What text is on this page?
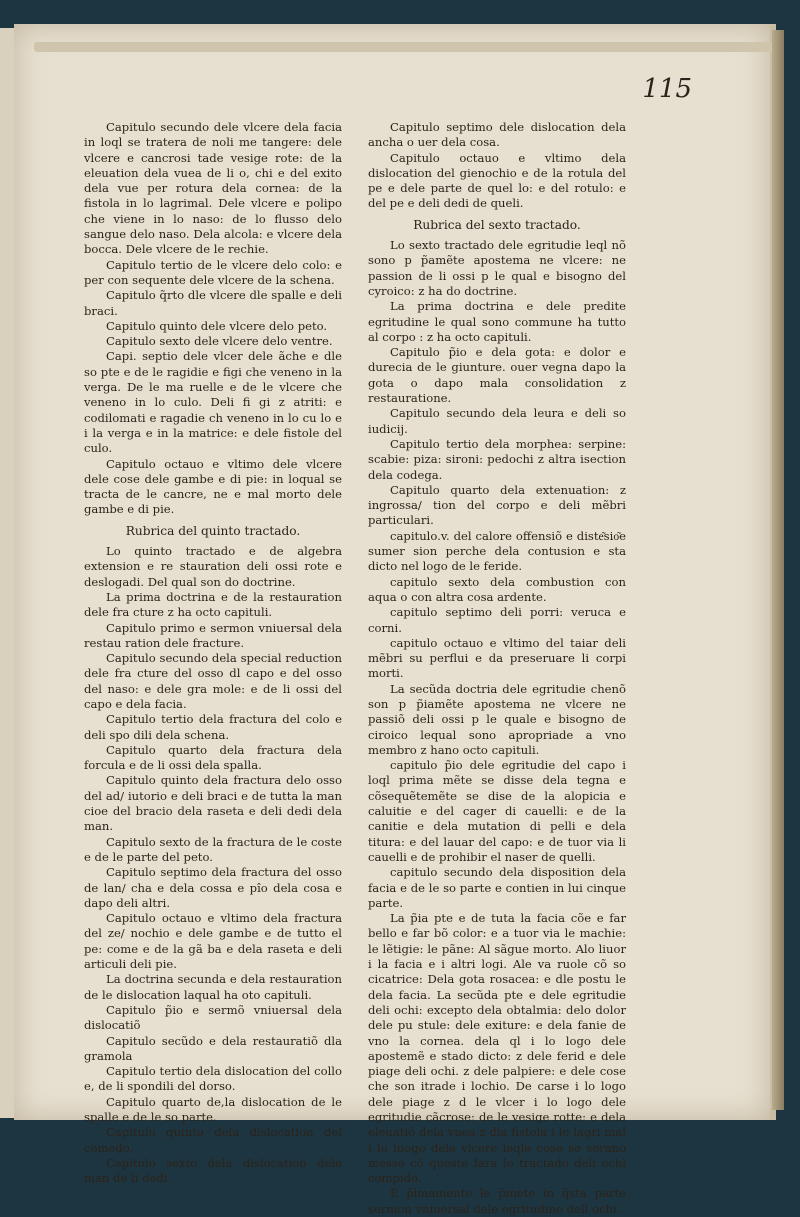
115

Capitulo secundo dele vlcere dela facia in loql se tratera de noli me tangere: dele vlcere e cancrosi tade vesige rote: de la eleuation dela vuea de li o, chi e del exito dela vue per rotura dela cornea: de la fistola in lo lagrimal. Dele vlcere e polipo che viene in lo naso: de lo flusso delo sangue delo naso. Dela alcola: e vlcere dela bocca. Dele vlcere de le rechie.

Capitulo tertio de le vlcere delo colo: e per con sequente dele vlcere de la schena.

Capitulo q̃rto dle vlcere dle spalle e deli braci.

Capitulo quinto dele vlcere delo peto.

Capitulo sexto dele vlcere delo ventre.

Capi. septio dele vlcer dele ãche e dle so pte e de le ragidie e figi che veneno in la verga. De le ma ruelle e de le vlcere che veneno in lo culo. Deli fi gi z atriti: e codilomati e ragadie ch veneno in lo cu lo e i la verga e in la matrice: e dele fistole del culo.

Capitulo octauo e vltimo dele vlcere dele cose dele gambe e di pie: in loqual se tracta de le cancre, ne e mal morto dele gambe e di pie.

Rubrica del quinto tractado.

Lo quinto tractado e de algebra extension e re stauration deli ossi rote e deslogadi. Del qual son do doctrine.

La prima doctrina e de la restauration dele fra cture z ha octo capituli.

Capitulo primo e sermon vniuersal dela restau ration dele fracture.

Capitulo secundo dela special reduction dele fra cture del osso dl capo e del osso del naso: e dele gra mole: e de li ossi del capo e dela facia.

Capitulo tertio dela fractura del colo e deli spo dili dela schena.

Capitulo quarto dela fractura dela forcula e de li ossi dela spalla.

Capitulo quinto dela fractura delo osso del ad/ iutorio e deli braci e de tutta la man cioe del bracio dela raseta e deli dedi dela man.

Capitulo sexto de la fractura de le coste e de le parte del peto.

Capitulo septimo dela fractura del osso de lan/ cha e dela cossa e pîo dela cosa e dapo deli altri.

Capitulo octauo e vltimo dela fractura del ze/ nochio e dele gambe e de tutto el pe: come e de la gã ba e dela raseta e deli articuli deli pie.

La doctrina secunda e dela restauration de le dislocation laqual ha oto capituli.

Capitulo p̃io e sermõ vniuersal dela dislocatiõ

Capitulo secũdo e dela restauratiõ dla gramola

Capitulo tertio dela dislocation del collo e, de li spondili del dorso.

Capitulo quarto de,la dislocation de le spalle e de le so parte.

Capitulo quinto dela dislocation del comedo.

Capitulo sexto dela dislocation dele man de li dedi.

Capitulo septimo dele dislocation dela ancha o uer dela cosa.

Capitulo octauo e vltimo dela dislocation del gienochio e de la rotula del pe e dele parte de quel lo: e del rotulo: e del pe e deli dedi de queli.

Rubrica del sexto tractado.

Lo sexto tractado dele egritudie leql nõ sono p p̃amẽte apostema ne vlcere: ne passion de li ossi p le qual e bisogno del cyroico: z ha do doctrine.

La prima doctrina e dele predite egritudine le qual sono commune ha tutto al corpo : z ha octo capituli.

Capitulo p̃io e dela gota: e dolor e durecia de le giunture. ouer vegna dapo la gota o dapo mala consolidation z restauratione.

Capitulo secundo dela leura e deli so iudicij.

Capitulo tertio dela morphea: serpine: scabie: piza: sironi: pedochi z altra isection dela codega.

Capitulo quarto dela extenuation: z ingrossa/ tion del corpo e deli mẽbri particulari.

capitulo.v. del calore offensiõ e diste͂sio͂e sumer sion perche dela contusion e sta dicto nel logo de le feride.

capitulo sexto dela combustion con aqua o con altra cosa ardente.

capitulo septimo deli porri: veruca e corni.

capitulo octauo e vltimo del taiar deli mẽbri su perflui e da preseruare li corpi morti.

La secũda doctria dele egritudie chenõ son p p̃iamẽte apostema ne vlcere ne passiõ deli ossi p le quale e bisogno de ciroico lequal sono apropriade a vno membro z hano octo capituli.

capitulo p̃io dele egritudie del capo i loql prima mẽte se disse dela tegna e cõsequẽtemẽte se dise de la alopicia e caluitie e del cager di cauelli: e de la canitie e dela mutation di pelli e dela titura: e del lauar del capo: e de tuor via li cauelli e de prohibir el naser de quelli.

capitulo secundo dela disposition dela facia e de le so parte e contien in lui cinque parte.

La p̃ia pte e de tuta la facia cõe e far bello e far bõ color: e a tuor via le machie: le lẽtigie: le pãne: Al sãgue morto. Alo liuor i la facia e i altri logi. Ale va ruole cõ so cicatrice: Dela gota rosacea: e dle postu le dela facia. La secũda pte e dele egritudie deli ochi: excepto dela obtalmia: delo dolor dele pu stule: dele exiture: e dela fanie de vno la cornea. dela ql i lo logo dele apostemẽ e stado dicto: z dele ferid e dele piage deli ochi. z dele palpiere: e dele cose che son itrade i lochio. De carse i lo logo dele piage z d le vlcer i lo logo dele egritudie cãcrose: de le vesige rotte: e dela eleuatiõ dela vuea z dla fistola i lo lagri mal i lo luogo dele vlcere leqle cose se serano messe cõ queste fara lo tractado deli ochi compido.

E p̃imamente le p̃mete in q̃sta parte sermon vniuersal dele egritudine deli ochi.
